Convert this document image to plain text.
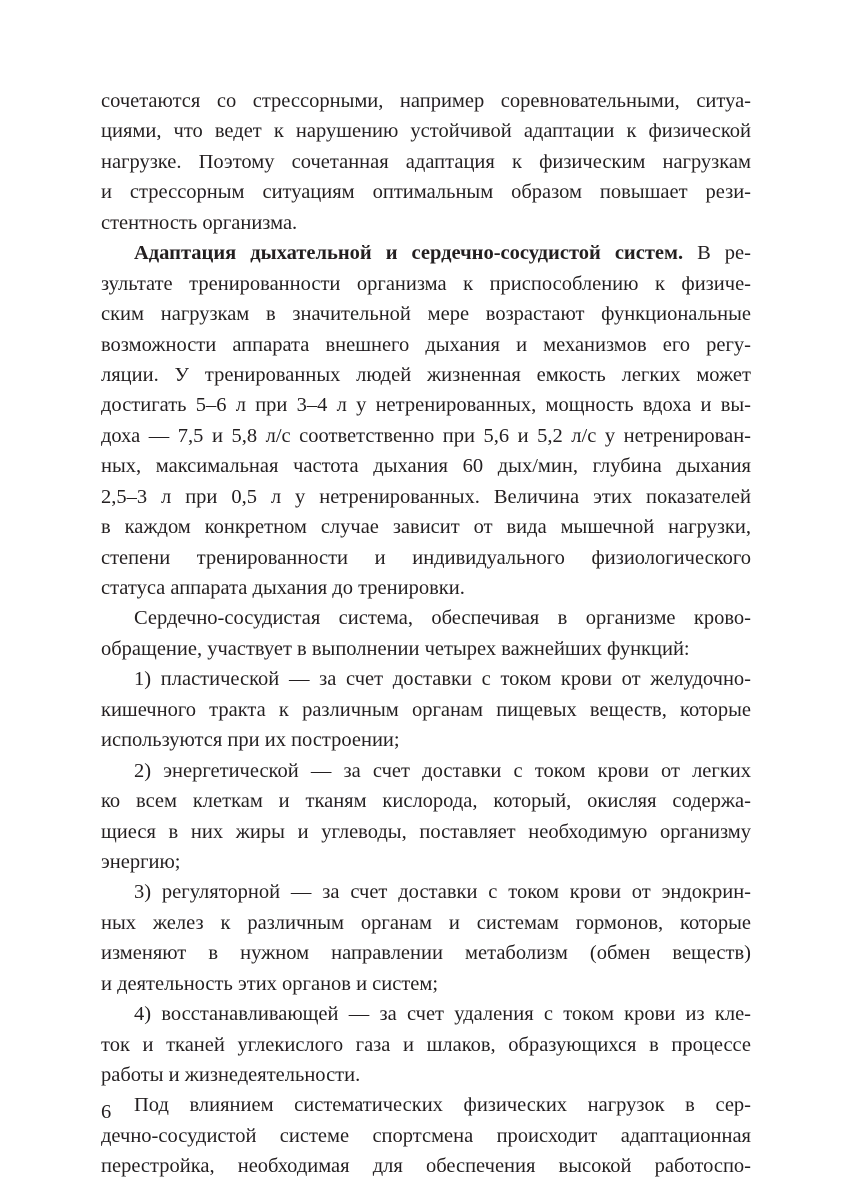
сочетаются со стрессорными, например соревновательными, ситуа-
циями, что ведет к нарушению устойчивой адаптации к физической
нагрузке. Поэтому сочетанная адаптация к физическим нагрузкам
и стрессорным ситуациям оптимальным образом повышает рези-
стентность организма.
Адаптация дыхательной и сердечно-сосудистой систем. В ре-
зультате тренированности организма к приспособлению к физиче-
ским нагрузкам в значительной мере возрастают функциональные
возможности аппарата внешнего дыхания и механизмов его регу-
ляции. У тренированных людей жизненная емкость легких может
достигать 5–6 л при 3–4 л у нетренированных, мощность вдоха и вы-
доха — 7,5 и 5,8 л/с соответственно при 5,6 и 5,2 л/с у нетренирован-
ных, максимальная частота дыхания 60 дых/мин, глубина дыхания
2,5–3 л при 0,5 л у нетренированных. Величина этих показателей
в каждом конкретном случае зависит от вида мышечной нагрузки,
степени тренированности и индивидуального физиологического
статуса аппарата дыхания до тренировки.
Сердечно-сосудистая система, обеспечивая в организме крово-
обращение, участвует в выполнении четырех важнейших функций:
1) пластической — за счет доставки с током крови от желудочно-
кишечного тракта к различным органам пищевых веществ, которые
используются при их построении;
2) энергетической — за счет доставки с током крови от легких
ко всем клеткам и тканям кислорода, который, окисляя содержа-
щиеся в них жиры и углеводы, поставляет необходимую организму
энергию;
3) регуляторной — за счет доставки с током крови от эндокрин-
ных желез к различным органам и системам гормонов, которые
изменяют в нужном направлении метаболизм (обмен веществ)
и деятельность этих органов и систем;
4) восстанавливающей — за счет удаления с током крови из кле-
ток и тканей углекислого газа и шлаков, образующихся в процессе
работы и жизнедеятельности.
Под влиянием систематических физических нагрузок в сер-
дечно-сосудистой системе спортсмена происходит адаптационная
перестройка, необходимая для обеспечения высокой работоспо-
6
